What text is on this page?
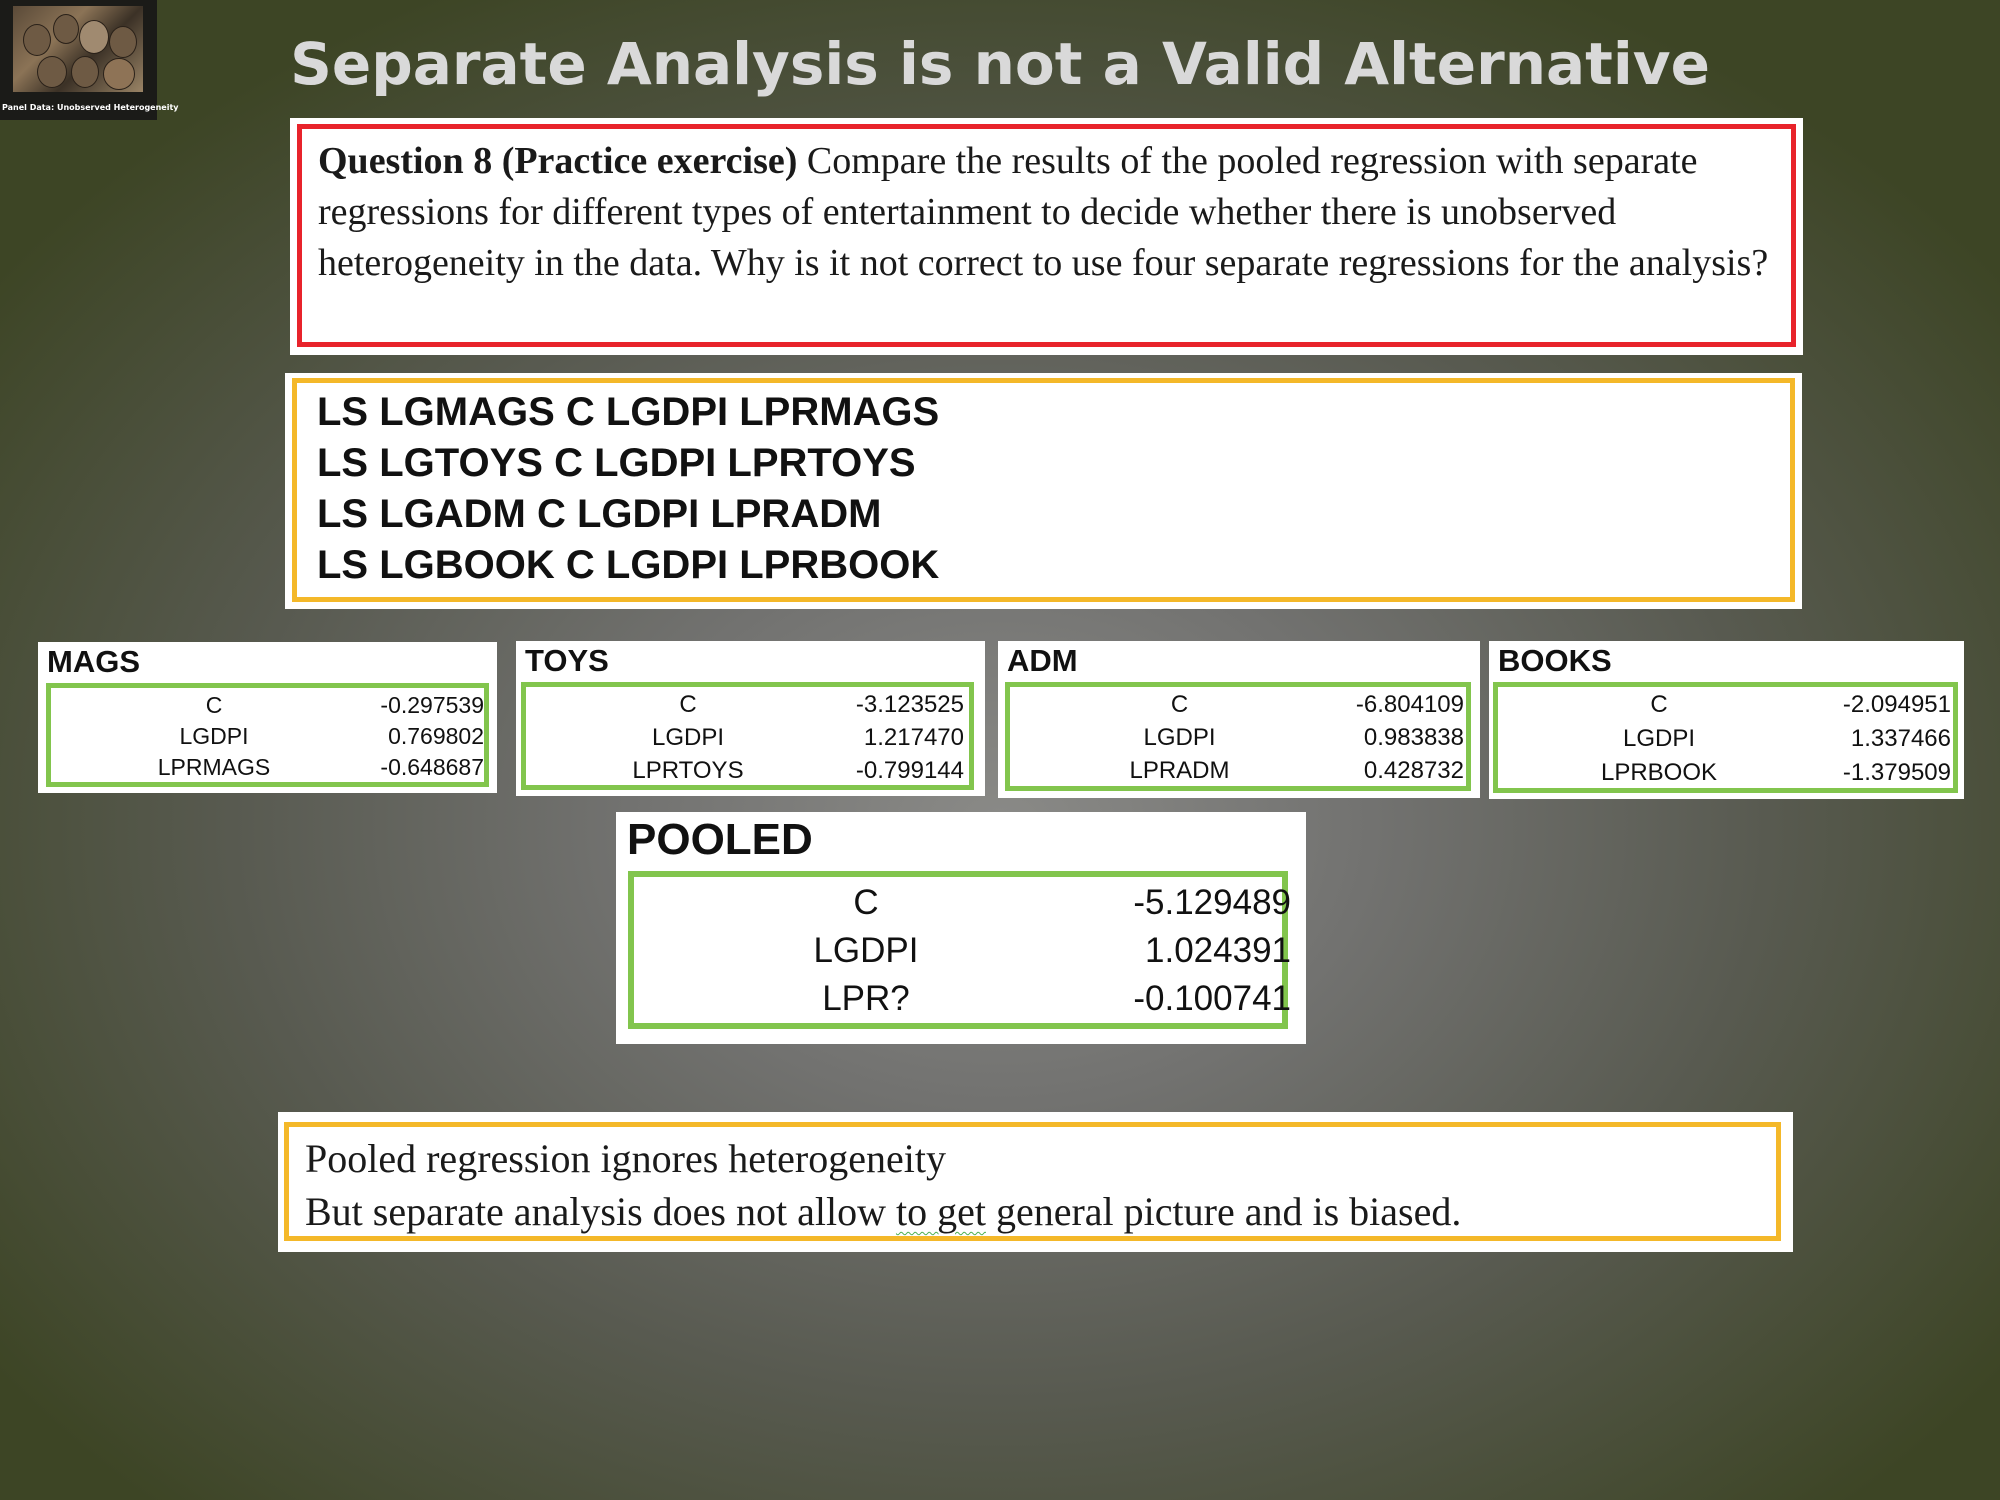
Panel Data: Unobserved Heterogeneity
Separate Analysis is not a Valid Alternative
Question 8 (Practice exercise) Compare the results of the pooled regression with separate regressions for different types of entertainment to decide whether there is unobserved heterogeneity in the data. Why is it not correct to use four separate regressions for the analysis?
LS LGMAGS C LGDPI LPRMAGS
LS LGTOYS C LGDPI LPRTOYS
LS LGADM C LGDPI LPRADM
LS LGBOOK C LGDPI LPRBOOK
MAGS
C	-0.297539
LGDPI	0.769802
LPRMAGS	-0.648687
TOYS
C	-3.123525
LGDPI	1.217470
LPRTOYS	-0.799144
ADM
C	-6.804109
LGDPI	0.983838
LPRADM	0.428732
BOOKS
C	-2.094951
LGDPI	1.337466
LPRBOOK	-1.379509
POOLED
C	-5.129489
LGDPI	1.024391
LPR?	-0.100741
Pooled regression ignores heterogeneity
But separate analysis does not allow to get general picture and is biased.
